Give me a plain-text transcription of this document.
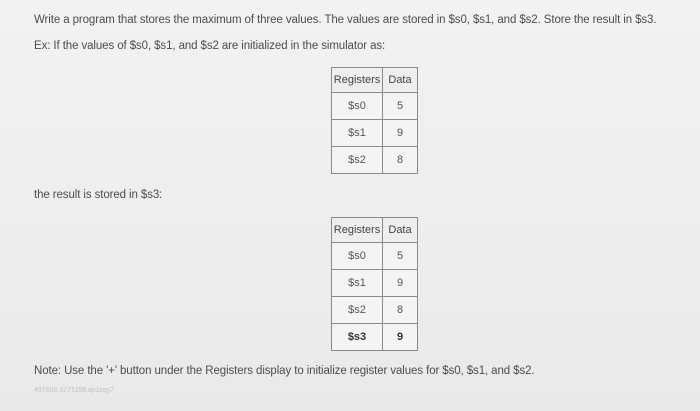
Write a program that stores the maximum of three values. The values are stored in $s0, $s1, and $s2. Store the result in $s3.
Ex: If the values of $s0, $s1, and $s2 are initialized in the simulator as:
Registers	Data
$s0	5
$s1	9
$s2	8
the result is stored in $s3:
Registers	Data
$s0	5
$s1	9
$s2	8
$s3	9
Note: Use the '+' button under the Registers display to initialize register values for $s0, $s1, and $s2.
497600.3271158.qx3zqy7
